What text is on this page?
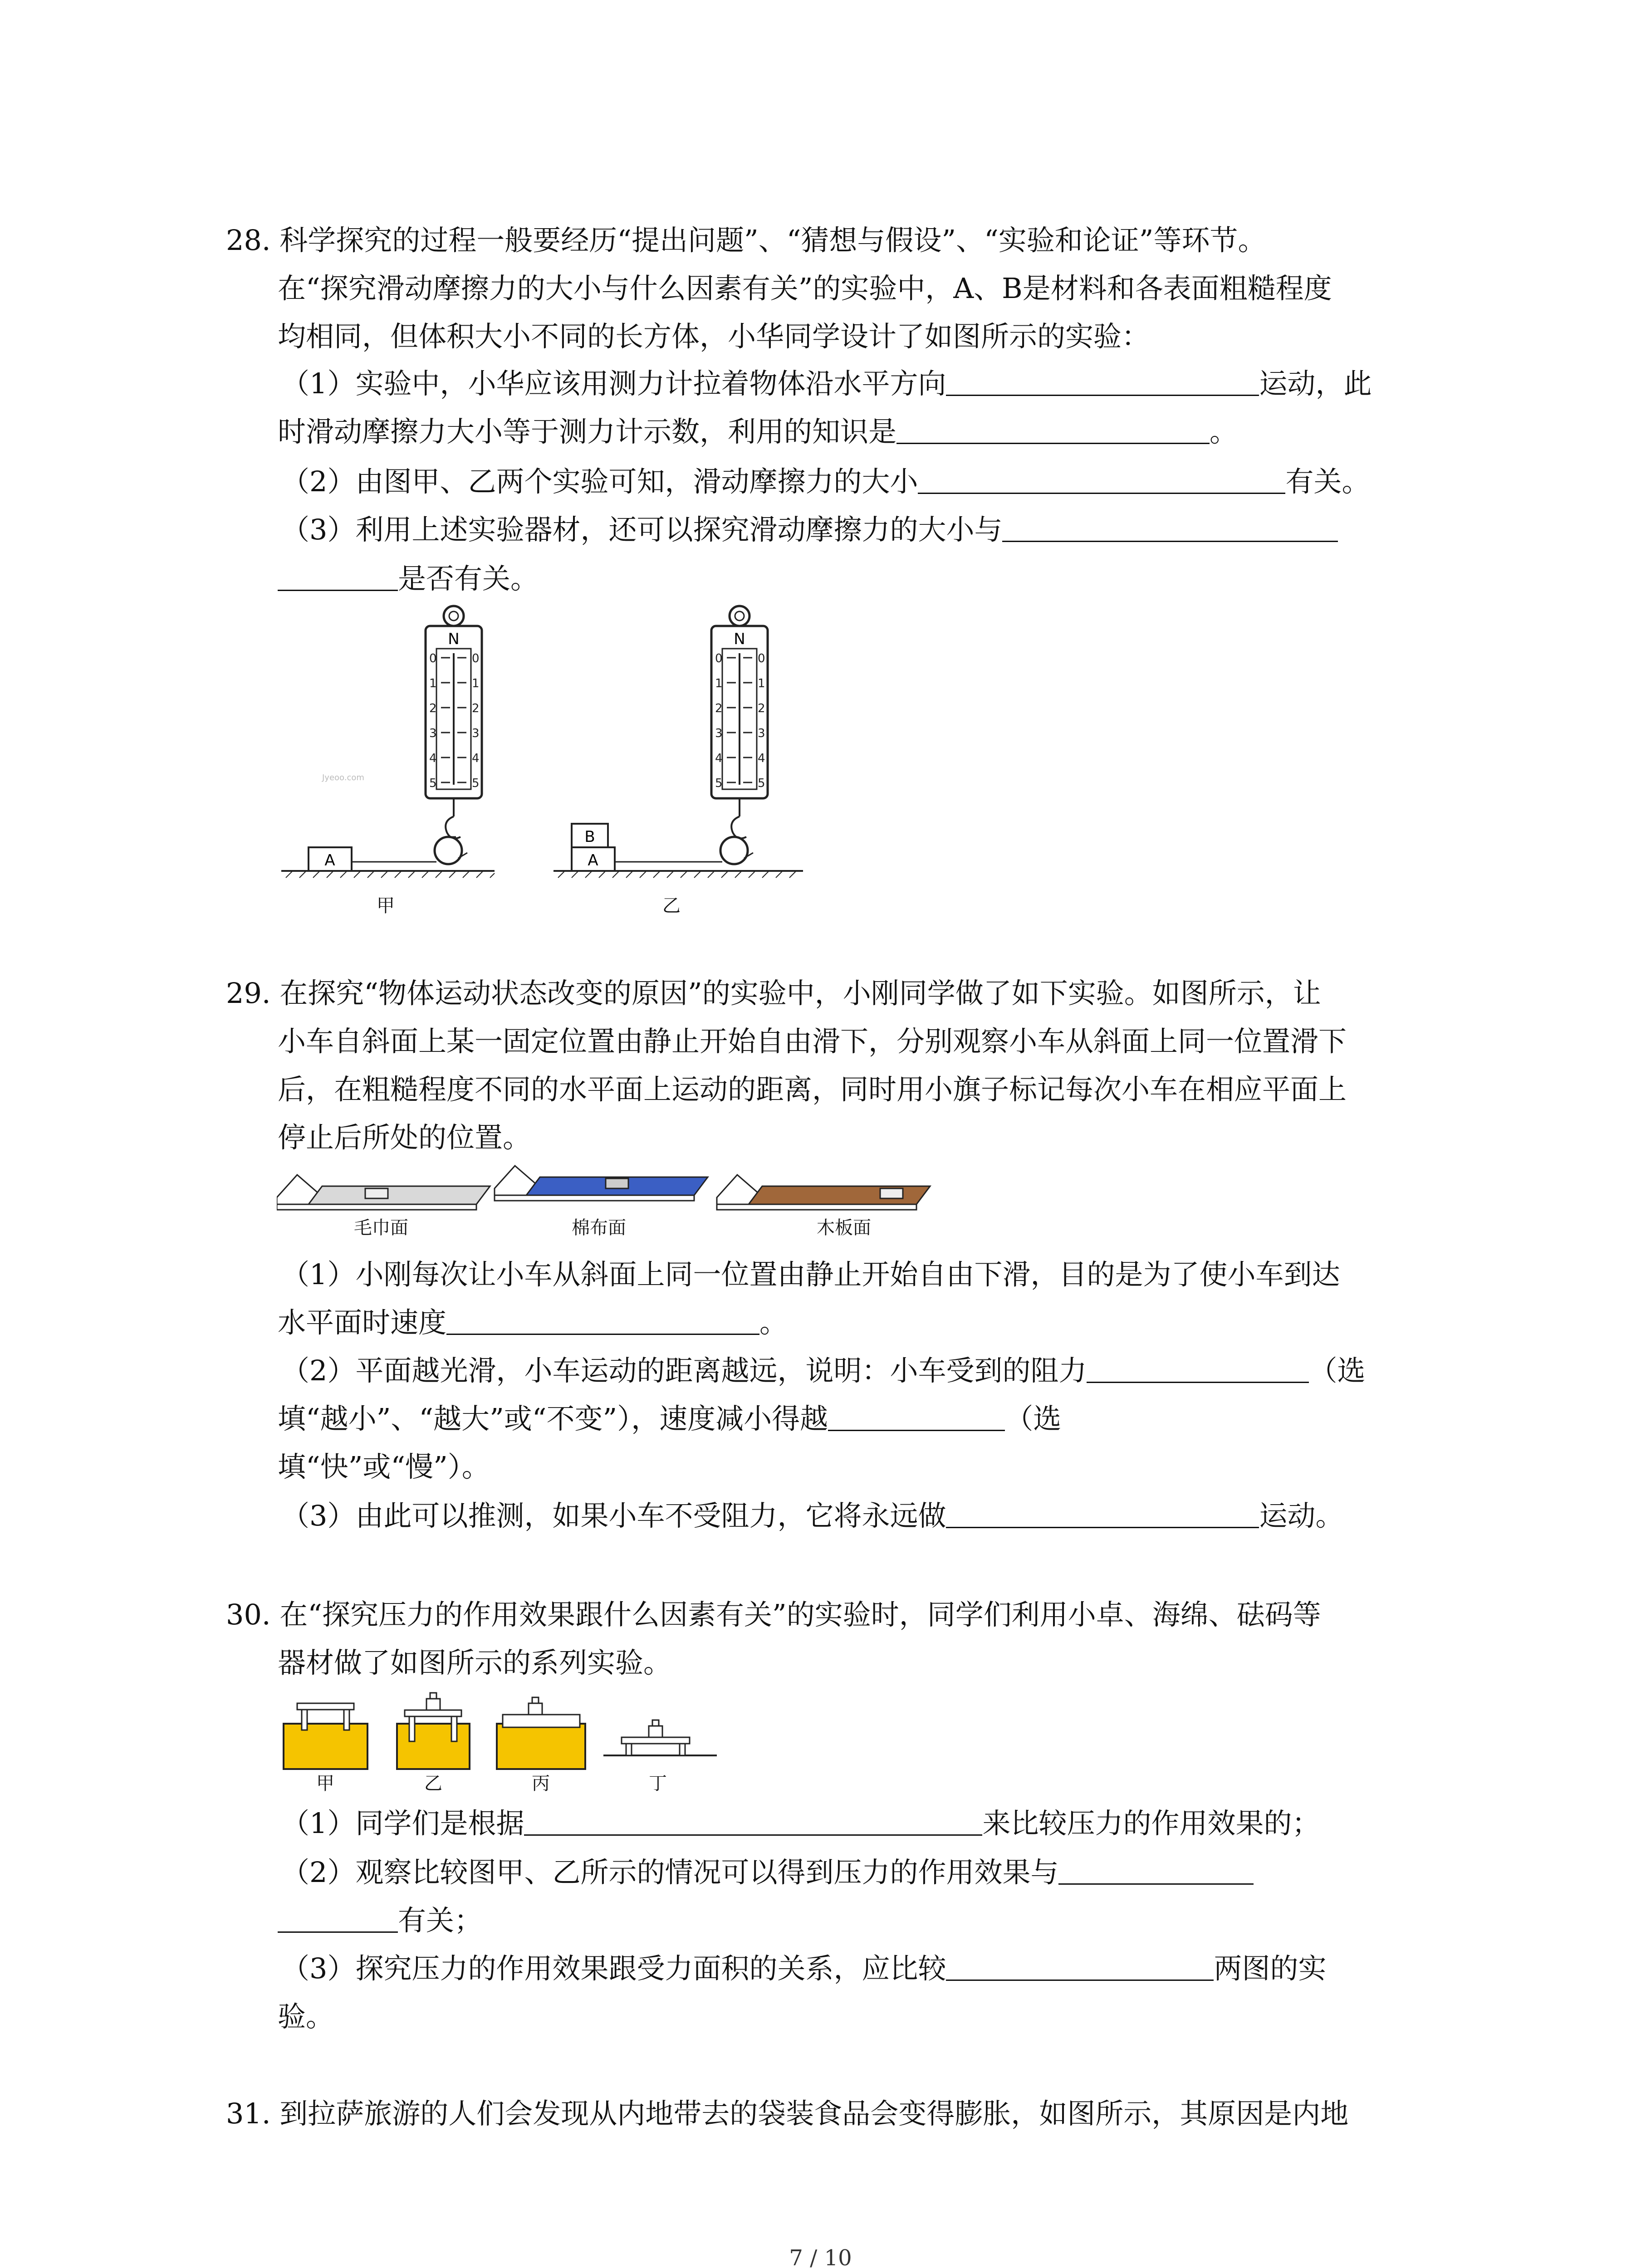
28. 科学探究的过程一般要经历“提出问题”、“猜想与假设”、“实验和论证”等环节。
在“探究滑动摩擦力的大小与什么因素有关”的实验中，A、B是材料和各表面粗糙程度
均相同，但体积大小不同的长方体，小华同学设计了如图所示的实验：
（1）实验中，小华应该用测力计拉着物体沿水平方向	运动，此
时滑动摩擦力大小等于测力计示数，利用的知识是	。
（2）由图甲、乙两个实验可知，滑动摩擦力的大小	有关。
（3）利用上述实验器材，还可以探究滑动摩擦力的大小与
是否有关。
N
0	0
1	1
2	2
3	3
4	4
5	5
A
甲
Jyeoo.com
N
0	0
1	1
2	2
3	3
4	4
5	5
B
A
乙
29. 在探究“物体运动状态改变的原因”的实验中，小刚同学做了如下实验。如图所示，让
小车自斜面上某一固定位置由静止开始自由滑下，分别观察小车从斜面上同一位置滑下
后，在粗糙程度不同的水平面上运动的距离，同时用小旗子标记每次小车在相应平面上
停止后所处的位置。
毛巾面	棉布面	木板面
（1）小刚每次让小车从斜面上同一位置由静止开始自由下滑，目的是为了使小车到达
水平面时速度	。
（2）平面越光滑，小车运动的距离越远，说明：小车受到的阻力	（选
填“越小”、“越大”或“不变”），速度减小得越	（选
填“快”或“慢”）。
（3）由此可以推测，如果小车不受阻力，它将永远做	运动。
30. 在“探究压力的作用效果跟什么因素有关”的实验时，同学们利用小卓、海绵、砝码等
器材做了如图所示的系列实验。
甲	乙	丙	丁
（1）同学们是根据	来比较压力的作用效果的；
（2）观察比较图甲、乙所示的情况可以得到压力的作用效果与
有关；
（3）探究压力的作用效果跟受力面积的关系，应比较	两图的实
验。
31. 到拉萨旅游的人们会发现从内地带去的袋装食品会变得膨胀，如图所示，其原因是内地
7 / 10
